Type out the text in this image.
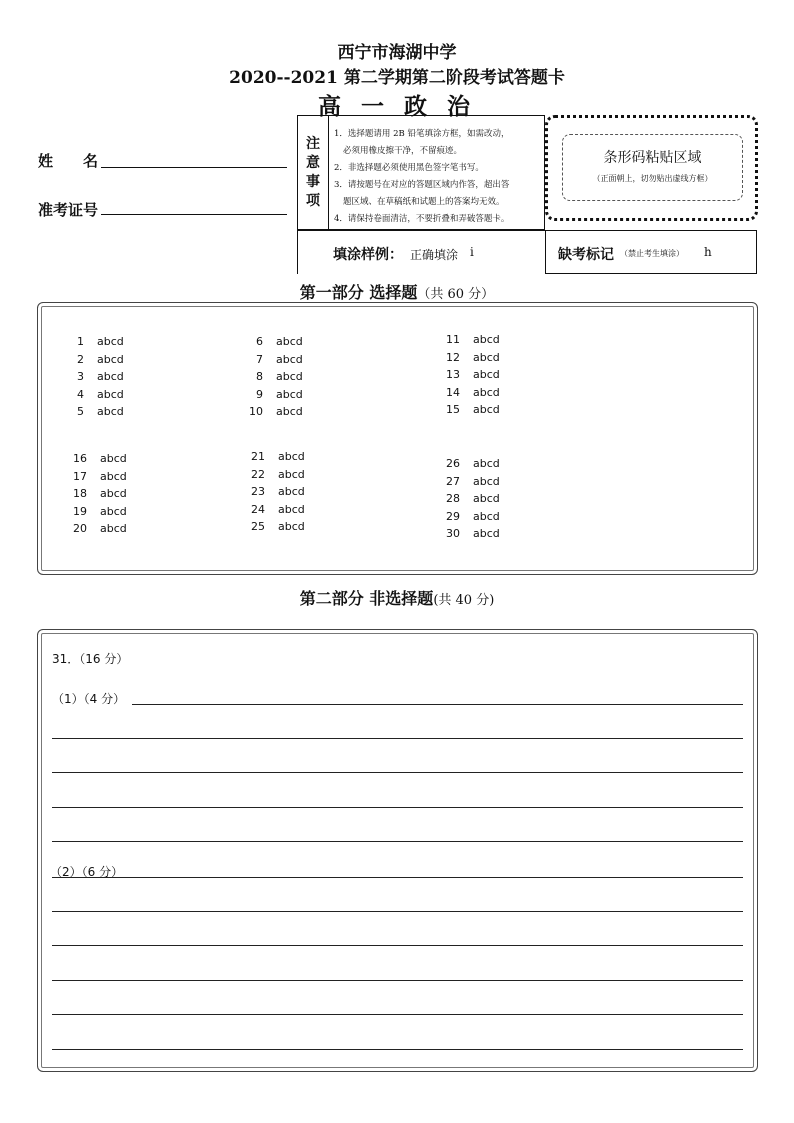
西宁市海湖中学
2020--2021 第二学期第二阶段考试答题卡
高 一 政 治
姓　　名
准考证号
注
意
事
项
1．选择题请用 2B 铅笔填涂方框，如需改动，
必须用橡皮擦干净，不留痕迹。
2．非选择题必须使用黑色签字笔书写。
3．请按题号在对应的答题区域内作答，超出答
题区域、在草稿纸和试题上的答案均无效。
4．请保持卷面清洁，不要折叠和弄破答题卡。
条形码粘贴区域
（正面朝上，切勿贴出虚线方框）
填涂样例： 正确填涂 i	缺考标记 （禁止考生填涂） h
第一部分 选择题（共 60 分）
1 abcd
2 abcd
3 abcd
4 abcd
5 abcd
6 abcd
7 abcd
8 abcd
9 abcd
10 abcd
11 abcd
12 abcd
13 abcd
14 abcd
15 abcd
16 abcd
17 abcd
18 abcd
19 abcd
20 abcd
21 abcd
22 abcd
23 abcd
24 abcd
25 abcd
26 abcd
27 abcd
28 abcd
29 abcd
30 abcd
第二部分 非选择题(共 40 分)
31．（16 分）
（1）（4 分）
（2）（6 分）
